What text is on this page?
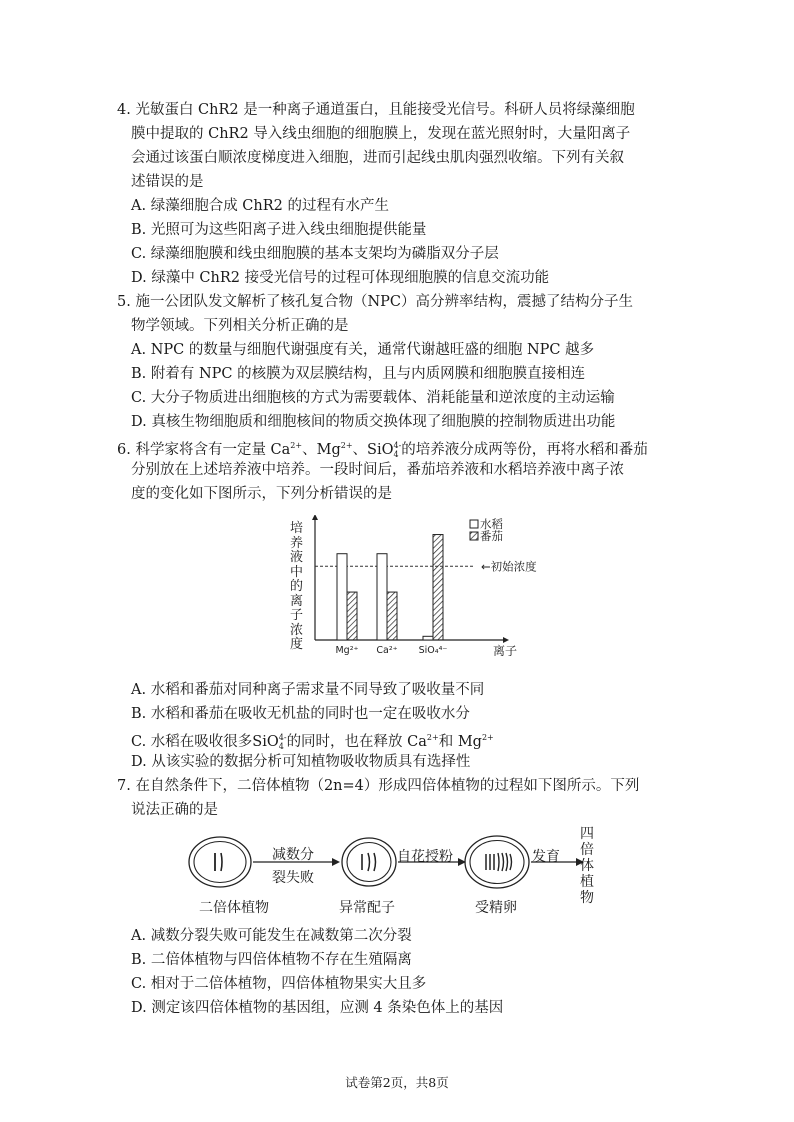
4. 光敏蛋白 ChR2 是一种离子通道蛋白，且能接受光信号。科研人员将绿藻细胞
膜中提取的 ChR2 导入线虫细胞的细胞膜上，发现在蓝光照射时，大量阳离子
会通过该蛋白顺浓度梯度进入细胞，进而引起线虫肌肉强烈收缩。下列有关叙
述错误的是
A. 绿藻细胞合成 ChR2 的过程有水产生
B. 光照可为这些阳离子进入线虫细胞提供能量
C. 绿藻细胞膜和线虫细胞膜的基本支架均为磷脂双分子层
D. 绿藻中 ChR2 接受光信号的过程可体现细胞膜的信息交流功能
5. 施一公团队发文解析了核孔复合物（NPC）高分辨率结构，震撼了结构分子生
物学领域。下列相关分析正确的是
A. NPC 的数量与细胞代谢强度有关，通常代谢越旺盛的细胞 NPC 越多
B. 附着有 NPC 的核膜为双层膜结构，且与内质网膜和细胞膜直接相连
C. 大分子物质进出细胞核的方式为需要载体、消耗能量和逆浓度的主动运输
D. 真核生物细胞质和细胞核间的物质交换体现了细胞膜的控制物质进出功能
6. 科学家将含有一定量 $Ca^{2+}$、$Mg^{2+}$、SiO 4-
4 的培养液分成两等份，再将水稻和番茄
分别放在上述培养液中培养。一段时间后，番茄培养液和水稻培养液中离子浓
度的变化如下图所示，下列分析错误的是
←初始浓度
Mg²⁺ Ca²⁺ SiO₄⁴⁻	离子
水稻
番茄
培养液中的离子浓度
A. 水稻和番茄对同种离子需求量不同导致了吸收量不同
B. 水稻和番茄在吸收无机盐的同时也一定在吸收水分
C. 水稻在吸收很多SiO 4-
4 的同时，也在释放 $Ca^{2+}$和 $Mg^{2+}$
D. 从该实验的数据分析可知植物吸收物质具有选择性
7. 在自然条件下，二倍体植物（2n=4）形成四倍体植物的过程如下图所示。下列
说法正确的是
减数分
裂失败
自花授粉	发育
二倍体植物	异常配子	受精卵
四
倍
体
植
物
A. 减数分裂失败可能发生在减数第二次分裂
B. 二倍体植物与四倍体植物不存在生殖隔离
C. 相对于二倍体植物，四倍体植物果实大且多
D. 测定该四倍体植物的基因组，应测 4 条染色体上的基因
试卷第2页，共8页
